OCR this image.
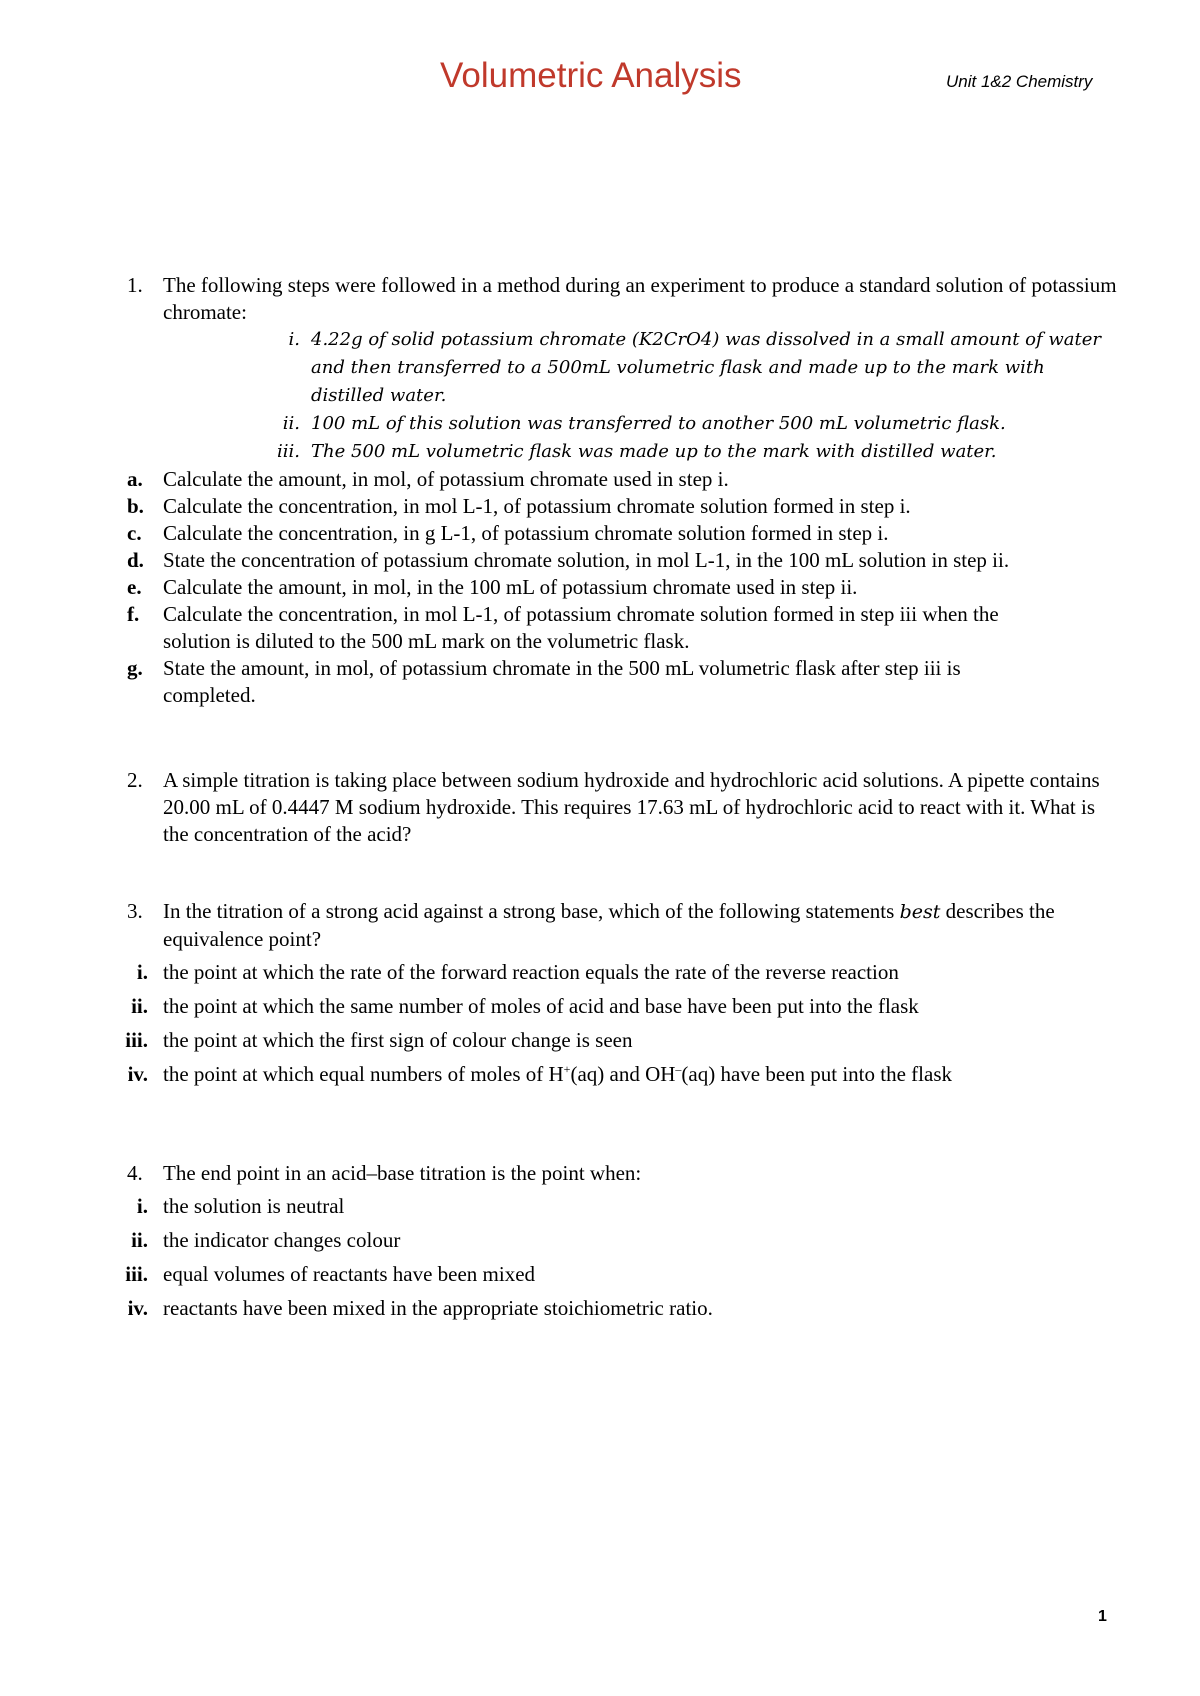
Volumetric Analysis	Unit 1&2 Chemistry
1. The following steps were followed in a method during an experiment to produce a standard solution of potassium chromate:
i. 4.22g of solid potassium chromate (K2CrO4) was dissolved in a small amount of water and then transferred to a 500mL volumetric flask and made up to the mark with distilled water.
ii. 100 mL of this solution was transferred to another 500 mL volumetric flask.
iii. The 500 mL volumetric flask was made up to the mark with distilled water.
a. Calculate the amount, in mol, of potassium chromate used in step i.
b. Calculate the concentration, in mol L-1, of potassium chromate solution formed in step i.
c. Calculate the concentration, in g L-1, of potassium chromate solution formed in step i.
d. State the concentration of potassium chromate solution, in mol L-1, in the 100 mL solution in step ii.
e. Calculate the amount, in mol, in the 100 mL of potassium chromate used in step ii.
f. Calculate the concentration, in mol L-1, of potassium chromate solution formed in step iii when the solution is diluted to the 500 mL mark on the volumetric flask.
g. State the amount, in mol, of potassium chromate in the 500 mL volumetric flask after step iii is completed.
2. A simple titration is taking place between sodium hydroxide and hydrochloric acid solutions. A pipette contains 20.00 mL of 0.4447 M sodium hydroxide. This requires 17.63 mL of hydrochloric acid to react with it. What is the concentration of the acid?
3. In the titration of a strong acid against a strong base, which of the following statements best describes the equivalence point?
i. the point at which the rate of the forward reaction equals the rate of the reverse reaction
ii. the point at which the same number of moles of acid and base have been put into the flask
iii. the point at which the first sign of colour change is seen
iv. the point at which equal numbers of moles of H+(aq) and OH–(aq) have been put into the flask
4. The end point in an acid–base titration is the point when:
i. the solution is neutral
ii. the indicator changes colour
iii. equal volumes of reactants have been mixed
iv. reactants have been mixed in the appropriate stoichiometric ratio.
1
